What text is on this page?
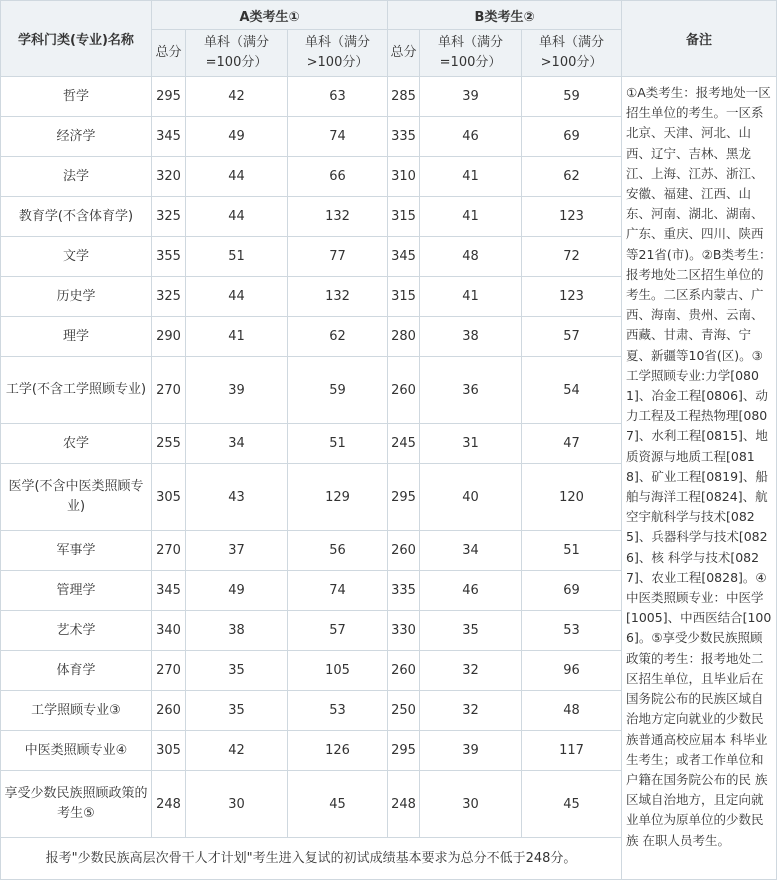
学科门类(专业)名称	A类考生①			B类考生②			备注
	总分	单科（满分=100分）	单科（满分>100分）	总分	单科（满分=100分）	单科（满分>100分）	
哲学	295	42	63	285	39	59	①A类考生：报考地处一区招生单位的考生。一区系北京、天津、河北、山西、辽宁、吉林、黑龙江、上海、江苏、浙江、安徽、福建、江西、山东、河南、湖北、湖南、广东、重庆、四川、陕西等21省(市)。②B类考生：报考地处二区招生单位的考生。二区系内蒙古、广西、海南、贵州、云南、西藏、甘肃、青海、宁夏、新疆等10省(区)。③工学照顾专业:力学[0801]、冶金工程[0806]、动力工程及工程热物理[0807]、水利工程[0815]、地质资源与地质工程[0818]、矿业工程[0819]、船舶与海洋工程[0824]、航空宇航科学与技术[0825]、兵器科学与技术[0826]、核 科学与技术[0827]、农业工程[0828]。④中医类照顾专业：中医学[1005]、中西医结合[1006]。⑤享受少数民族照顾政策的考生：报考地处二区招生单位，且毕业后在国务院公布的民族区域自治地方定向就业的少数民族普通高校应届本 科毕业生考生；或者工作单位和户籍在国务院公布的民 族区域自治地方，且定向就业单位为原单位的少数民族 在职人员考生。
经济学	345	49	74	335	46	69	
法学	320	44	66	310	41	62	
教育学(不含体育学)	325	44	132	315	41	123	
文学	355	51	77	345	48	72	
历史学	325	44	132	315	41	123	
理学	290	41	62	280	38	57	
工学(不含工学照顾专业)	270	39	59	260	36	54	
农学	255	34	51	245	31	47	
医学(不含中医类照顾专业)	305	43	129	295	40	120	
军事学	270	37	56	260	34	51	
管理学	345	49	74	335	46	69	
艺术学	340	38	57	330	35	53	
体育学	270	35	105	260	32	96	
工学照顾专业③	260	35	53	250	32	48	
中医类照顾专业④	305	42	126	295	39	117	
享受少数民族照顾政策的考生⑤	248	30	45	248	30	45	
报考"少数民族高层次骨干人才计划"考生进入复试的初试成绩基本要求为总分不低于248分。							
